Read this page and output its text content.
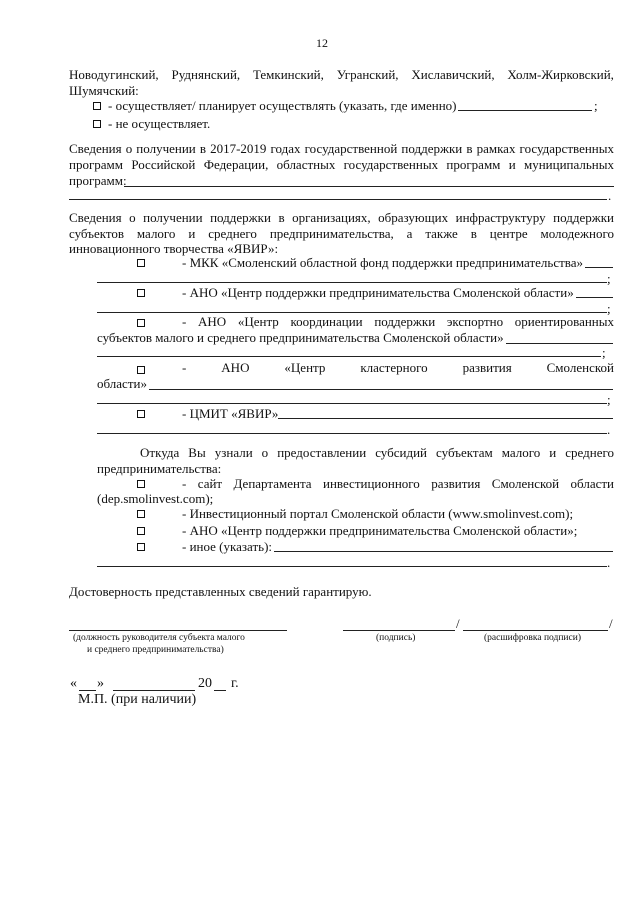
12
Новодугинский, Руднянский, Темкинский, Угранский, Хиславичский, Холм-Жирковский,
Шумячский:
- осуществляет/ планирует осуществлять (указать, где именно)	;
- не осуществляет.
Сведения о получении в 2017-2019 годах государственной поддержки в рамках государственных
программ Российской Федерации, областных государственных программ и муниципальных
программ:
.
Сведения о получении поддержки в организациях, образующих инфраструктуру поддержки
субъектов малого и среднего предпринимательства, а также в центре молодежного
инновационного творчества «ЯВИР»:
- МКК «Смоленский областной фонд поддержки предпринимательства»
;
- АНО «Центр поддержки предпринимательства Смоленской области»
;
- АНО «Центр координации поддержки экспортно ориентированных
субъектов малого и среднего предпринимательства Смоленской области»
;
-	АНО	«Центр	кластерного	развития	Смоленской
области»
;
- ЦМИТ «ЯВИР»
.
Откуда Вы узнали о предоставлении субсидий субъектам малого и среднего
предпринимательства:
- сайт Департамента инвестиционного развития Смоленской области
(dep.smolinvest.com);
- Инвестиционный портал Смоленской области (www.smolinvest.com);
- АНО «Центр поддержки предпринимательства Смоленской области»;
- иное (указать):
.
Достоверность представленных сведений гарантирую.
(должность руководителя субъекта малого
и среднего предпринимательства)
/	/
(подпись)	(расшифровка подписи)
« »	20 г.
М.П. (при наличии)
